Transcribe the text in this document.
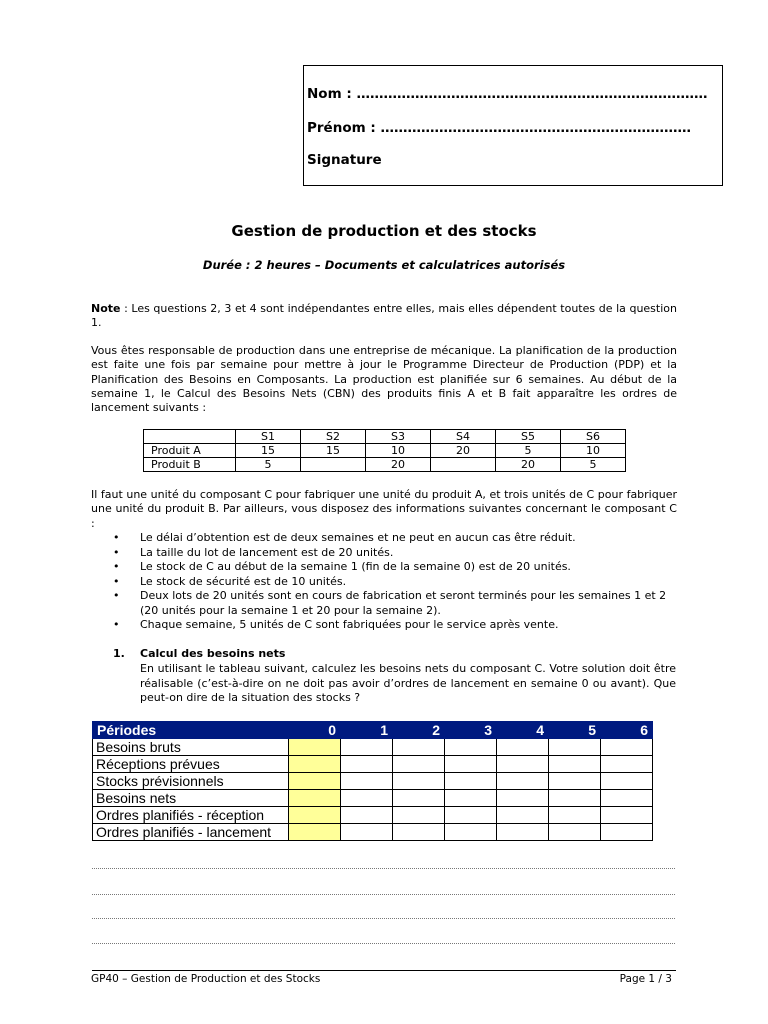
Nom : ……………………………………………………………………
Prénom : ……………………………………………………………
Signature
Gestion de production et des stocks
Durée : 2 heures – Documents et calculatrices autorisés
Note : Les questions 2, 3 et 4 sont indépendantes entre elles, mais elles dépendent toutes de la question 1.
Vous êtes responsable de production dans une entreprise de mécanique. La planification de la production est faite une fois par semaine pour mettre à jour le Programme Directeur de Production (PDP) et la Planification des Besoins en Composants. La production est planifiée sur 6 semaines. Au début de la semaine 1, le Calcul des Besoins Nets (CBN) des produits finis A et B fait apparaître les ordres de lancement suivants :
	S1	S2	S3	S4	S5	S6
Produit A	15	15	10	20	5	10
Produit B	5		20		20	5
Il faut une unité du composant C pour fabriquer une unité du produit A, et trois unités de C pour fabriquer une unité du produit B. Par ailleurs, vous disposez des informations suivantes concernant le composant C :
• Le délai d’obtention est de deux semaines et ne peut en aucun cas être réduit.
• La taille du lot de lancement est de 20 unités.
• Le stock de C au début de la semaine 1 (fin de la semaine 0) est de 20 unités.
• Le stock de sécurité est de 10 unités.
• Deux lots de 20 unités sont en cours de fabrication et seront terminés pour les semaines 1 et 2 (20 unités pour la semaine 1 et 20 pour la semaine 2).
• Chaque semaine, 5 unités de C sont fabriquées pour le service après vente.
1. Calcul des besoins nets
En utilisant le tableau suivant, calculez les besoins nets du composant C. Votre solution doit être réalisable (c’est-à-dire on ne doit pas avoir d’ordres de lancement en semaine 0 ou avant). Que peut-on dire de la situation des stocks ?
Périodes	0	1	2	3	4	5	6
Besoins bruts							
Réceptions prévues							
Stocks prévisionnels							
Besoins nets							
Ordres planifiés - réception							
Ordres planifiés - lancement							
GP40 – Gestion de Production et des Stocks	Page 1 / 3
